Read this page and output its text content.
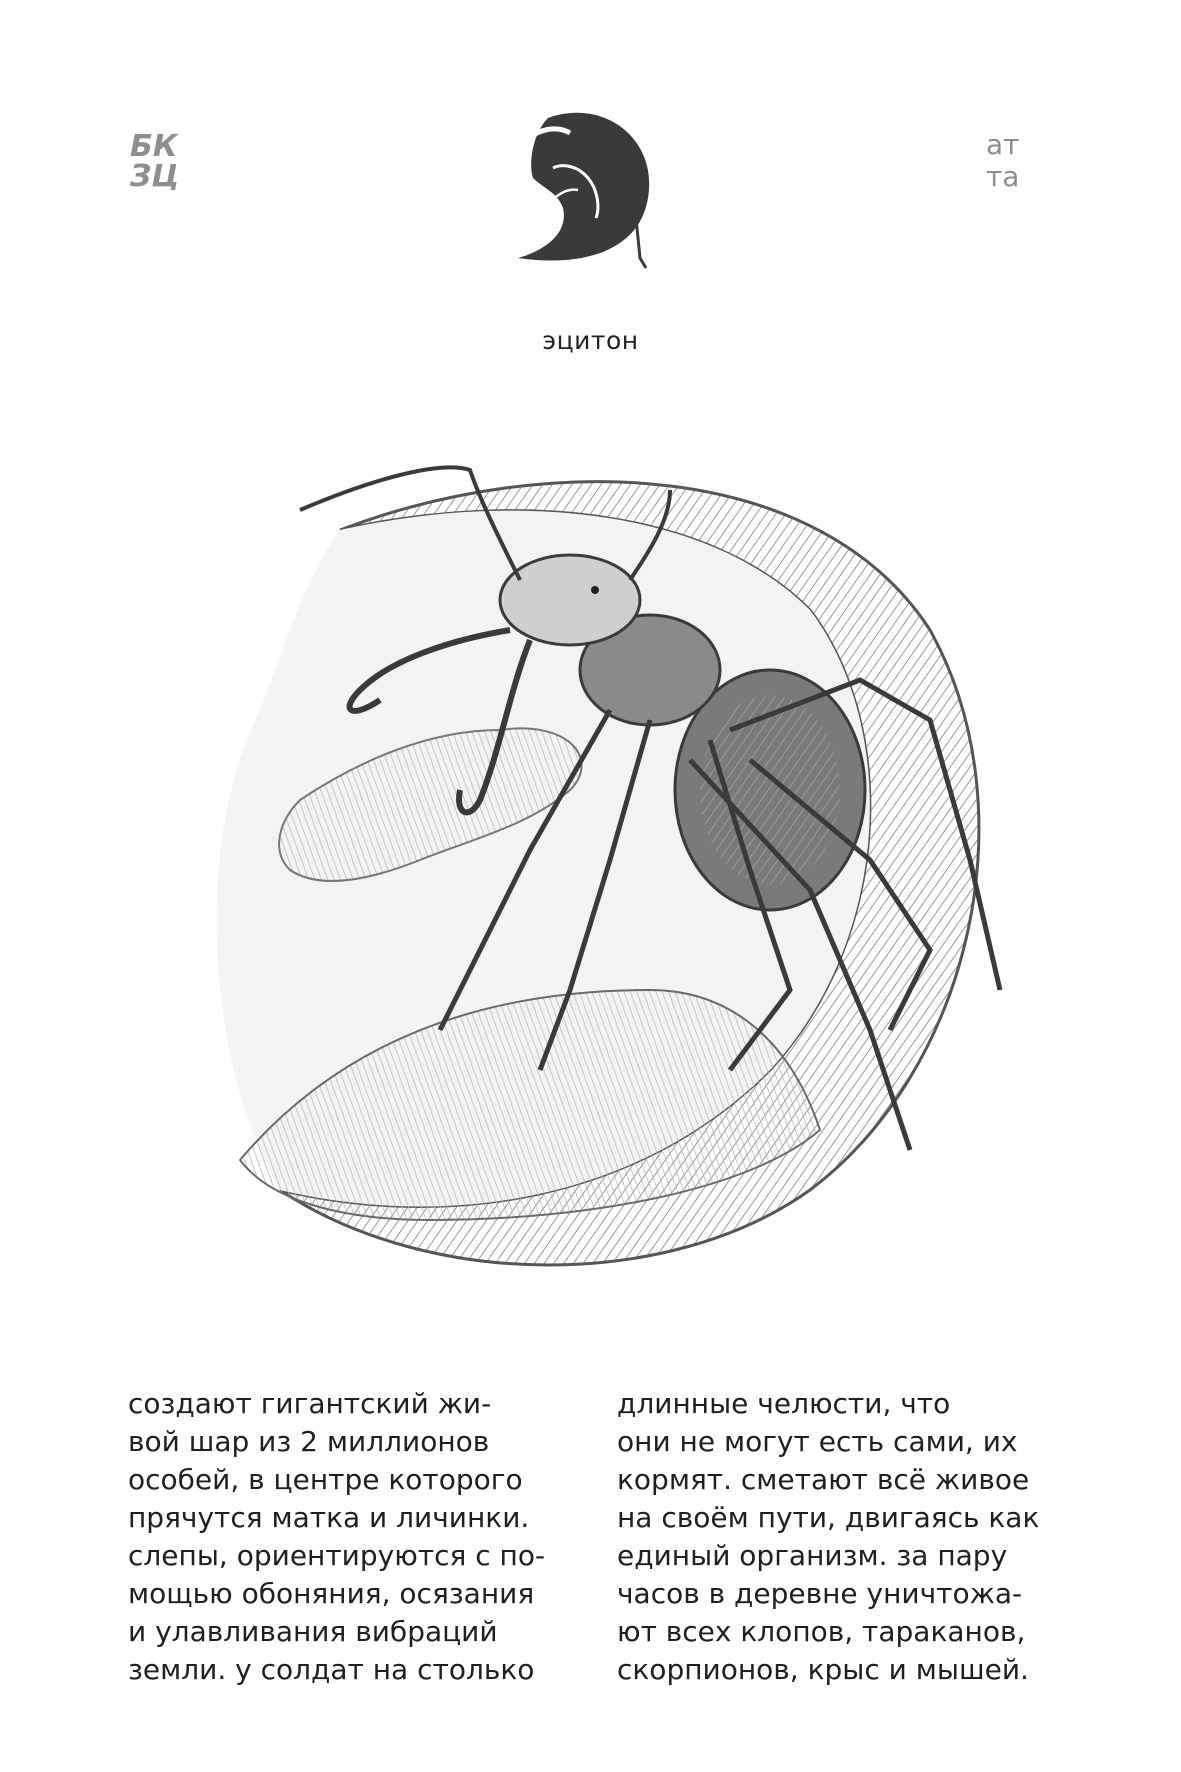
БК
ЗЦ
ат
та
эцитон
создают гигантский жи-
вой шар из 2 миллионов
особей, в центре которого
прячутся матка и личинки.
слепы, ориентируются с по-
мощью обоняния, осязания
и улавливания вибраций
земли. у солдат на столько
длинные челюсти, что
они не могут есть сами, их
кормят. сметают всё живое
на своём пути, двигаясь как
единый организм. за пару
часов в деревне уничтожа-
ют всех клопов, тараканов,
скорпионов, крыс и мышей.
